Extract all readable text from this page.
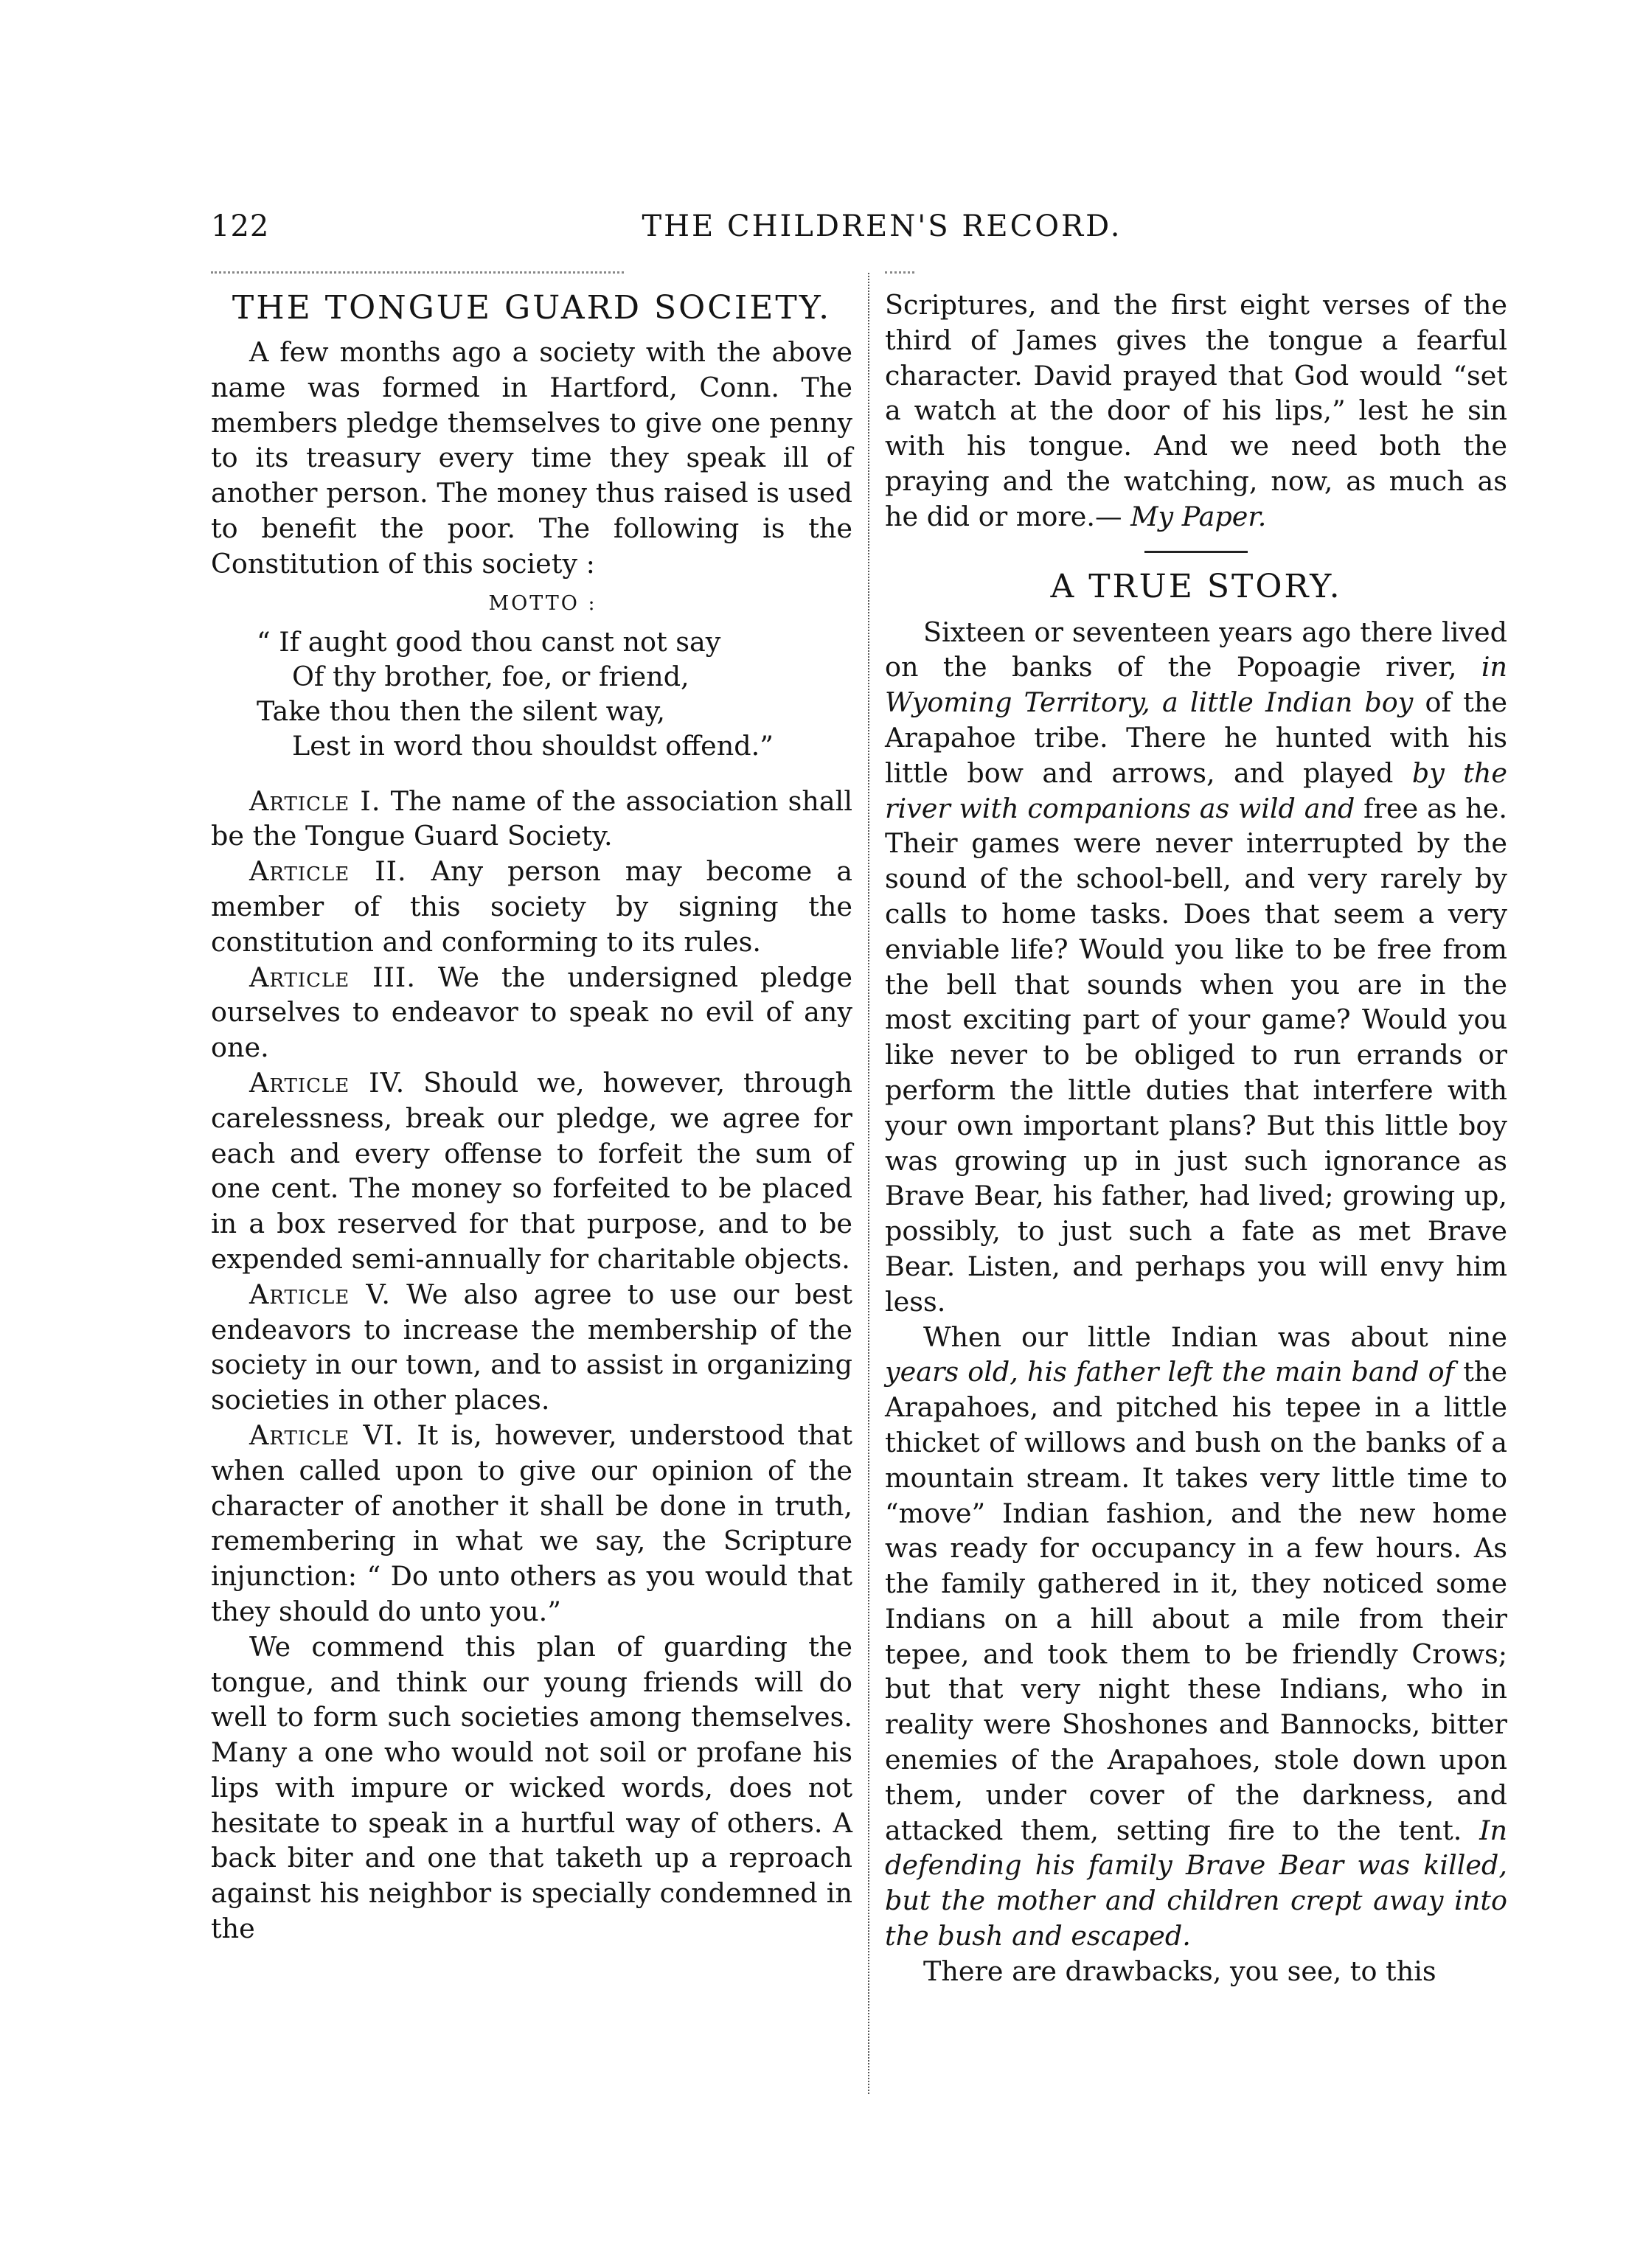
122	THE CHILDREN'S RECORD.
THE TONGUE GUARD SOCIETY.

A few months ago a society with the above name was formed in Hartford, Conn. The members pledge themselves to give one penny to its treasury every time they speak ill of another person. The money thus raised is used to benefit the poor. The following is the Constitution of this society :

MOTTO :
“ If aught good thou canst not say
Of thy brother, foe, or friend,
Take thou then the silent way,
Lest in word thou shouldst offend.”

Article I. The name of the association shall be the Tongue Guard Society.

Article II. Any person may become a member of this society by signing the constitution and conforming to its rules.

Article III. We the undersigned pledge ourselves to endeavor to speak no evil of any one.

Article IV. Should we, however, through carelessness, break our pledge, we agree for each and every offense to forfeit the sum of one cent. The money so forfeited to be placed in a box reserved for that purpose, and to be expended semi-annually for charitable objects.

Article V. We also agree to use our best endeavors to increase the membership of the society in our town, and to assist in organizing societies in other places.

Article VI. It is, however, understood that when called upon to give our opinion of the character of another it shall be done in truth, remembering in what we say, the Scripture injunction: “ Do unto others as you would that they should do unto you.”

We commend this plan of guarding the tongue, and think our young friends will do well to form such societies among themselves. Many a one who would not soil or profane his lips with impure or wicked words, does not hesitate to speak in a hurtful way of others. A back biter and one that taketh up a reproach against his neighbor is specially condemned in the

Scriptures, and the first eight verses of the third of James gives the tongue a fearful character. David prayed that God would “set a watch at the door of his lips,” lest he sin with his tongue. And we need both the praying and the watching, now, as much as he did or more.— My Paper.

A TRUE STORY.

Sixteen or seventeen years ago there lived on the banks of the Popoagie river, in Wyoming Territory, a little Indian boy of the Arapahoe tribe. There he hunted with his little bow and arrows, and played by the river with companions as wild and free as he. Their games were never interrupted by the sound of the school-bell, and very rarely by calls to home tasks. Does that seem a very enviable life? Would you like to be free from the bell that sounds when you are in the most exciting part of your game? Would you like never to be obliged to run errands or perform the little duties that interfere with your own important plans? But this little boy was growing up in just such ignorance as Brave Bear, his father, had lived; growing up, possibly, to just such a fate as met Brave Bear. Listen, and perhaps you will envy him less.

When our little Indian was about nine years old, his father left the main band of the Arapahoes, and pitched his tepee in a little thicket of willows and bush on the banks of a mountain stream. It takes very little time to “move” Indian fashion, and the new home was ready for occupancy in a few hours. As the family gathered in it, they noticed some Indians on a hill about a mile from their tepee, and took them to be friendly Crows; but that very night these Indians, who in reality were Shoshones and Bannocks, bitter enemies of the Arapahoes, stole down upon them, under cover of the darkness, and attacked them, setting fire to the tent. In defending his family Brave Bear was killed, but the mother and children crept away into the bush and escaped.

There are drawbacks, you see, to this
